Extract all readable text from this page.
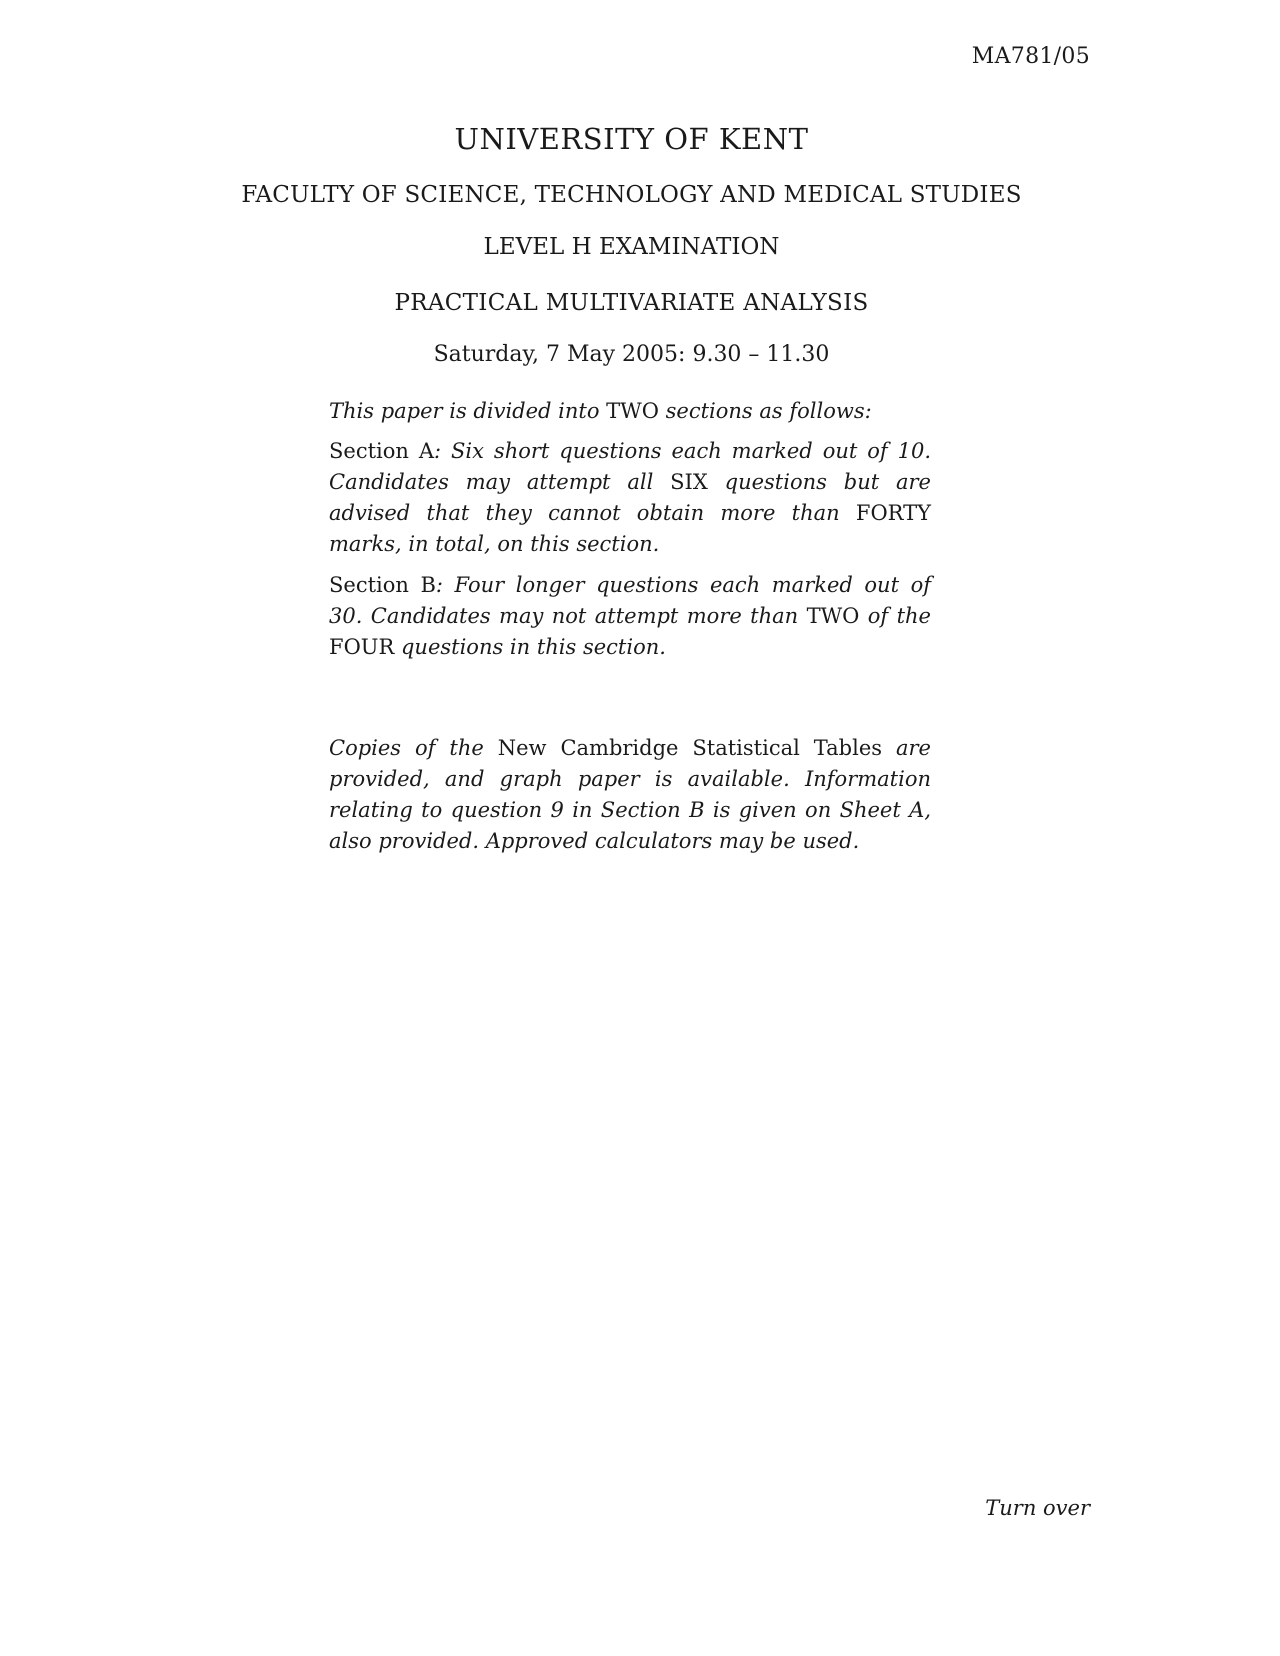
MA781/05
UNIVERSITY OF KENT
FACULTY OF SCIENCE, TECHNOLOGY AND MEDICAL STUDIES
LEVEL H EXAMINATION
PRACTICAL MULTIVARIATE ANALYSIS
Saturday, 7 May 2005: 9.30 – 11.30
This paper is divided into TWO sections as follows:
Section A: Six short questions each marked out of 10. Candidates may attempt all SIX questions but are advised that they cannot obtain more than FORTY marks, in total, on this section.
Section B: Four longer questions each marked out of 30. Candidates may not attempt more than TWO of the FOUR questions in this section.
Copies of the New Cambridge Statistical Tables are provided, and graph paper is available. Information relating to question 9 in Section B is given on Sheet A, also provided. Approved calculators may be used.
Turn over
